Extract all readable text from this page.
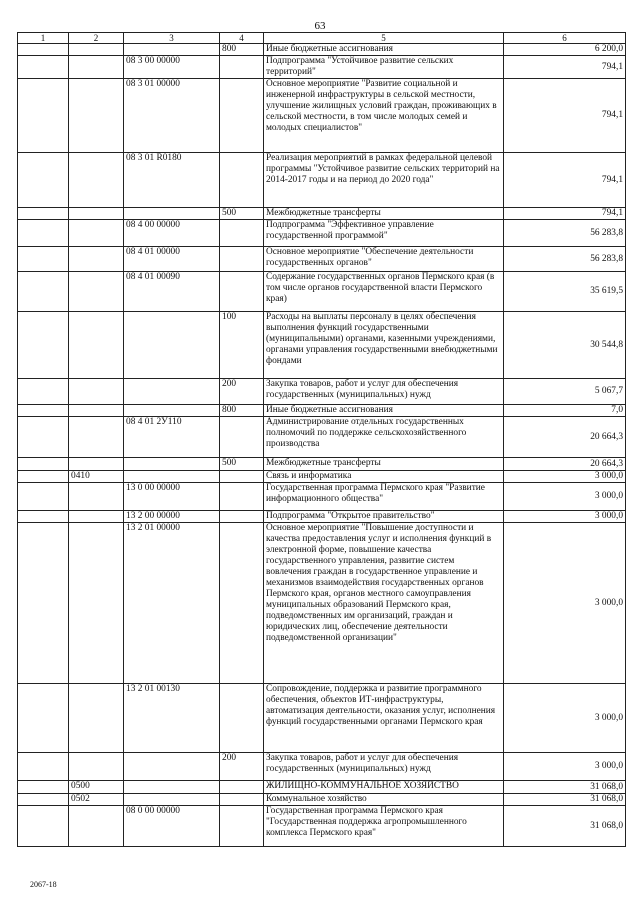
63
1	2	3	4	5	6
			800	Иные бюджетные ассигнования	6 200,0
		08 3 00 00000		Подпрограмма "Устойчивое развитие сельских территорий"	794,1
		08 3 01 00000		Основное мероприятие "Развитие социальной и инженерной инфраструктуры в сельской местности, улучшение жилищных условий граждан, проживающих в сельской местности, в том числе молодых семей и молодых специалистов"	794,1
		08 3 01 R0180		Реализация мероприятий в рамках федеральной целевой программы "Устойчивое развитие сельских территорий на 2014-2017 годы и на период до 2020 года"	794,1
			500	Межбюджетные трансферты	794,1
		08 4 00 00000		Подпрограмма "Эффективное управление государственной программой"	56 283,8
		08 4 01 00000		Основное мероприятие "Обеспечение деятельности государственных органов"	56 283,8
		08 4 01 00090		Содержание государственных органов Пермского края (в том числе органов государственной власти Пермского края)	35 619,5
			100	Расходы на выплаты персоналу в целях обеспечения выполнения функций государственными (муниципальными) органами, казенными учреждениями, органами управления государственными внебюджетными фондами	30 544,8
			200	Закупка товаров, работ и услуг для обеспечения государственных (муниципальных) нужд	5 067,7
			800	Иные бюджетные ассигнования	7,0
		08 4 01 2У110		Администрирование отдельных государственных полномочий по поддержке сельскохозяйственного производства	20 664,3
			500	Межбюджетные трансферты	20 664,3
	0410			Связь и информатика	3 000,0
		13 0 00 00000		Государственная программа Пермского края "Развитие информационного общества"	3 000,0
		13 2 00 00000		Подпрограмма "Открытое правительство"	3 000,0
		13 2 01 00000		Основное мероприятие "Повышение доступности и качества предоставления услуг и исполнения функций в электронной форме, повышение качества государственного управления, развитие систем вовлечения граждан в государственное управление и механизмов взаимодействия государственных органов Пермского края, органов местного самоуправления муниципальных образований Пермского края, подведомственных им организаций, граждан и юридических лиц, обеспечение деятельности подведомственной организации"	3 000,0
		13 2 01 00130		Сопровождение, поддержка и развитие программного обеспечения, объектов ИТ-инфраструктуры, автоматизация деятельности, оказания услуг, исполнения функций государственными органами Пермского края	3 000,0
			200	Закупка товаров, работ и услуг для обеспечения государственных (муниципальных) нужд	3 000,0
	0500			ЖИЛИЩНО-КОММУНАЛЬНОЕ ХОЗЯЙСТВО	31 068,0
	0502			Коммунальное хозяйство	31 068,0
		08 0 00 00000		Государственная программа Пермского края "Государственная поддержка агропромышленного комплекса Пермского края"	31 068,0
2067-18
